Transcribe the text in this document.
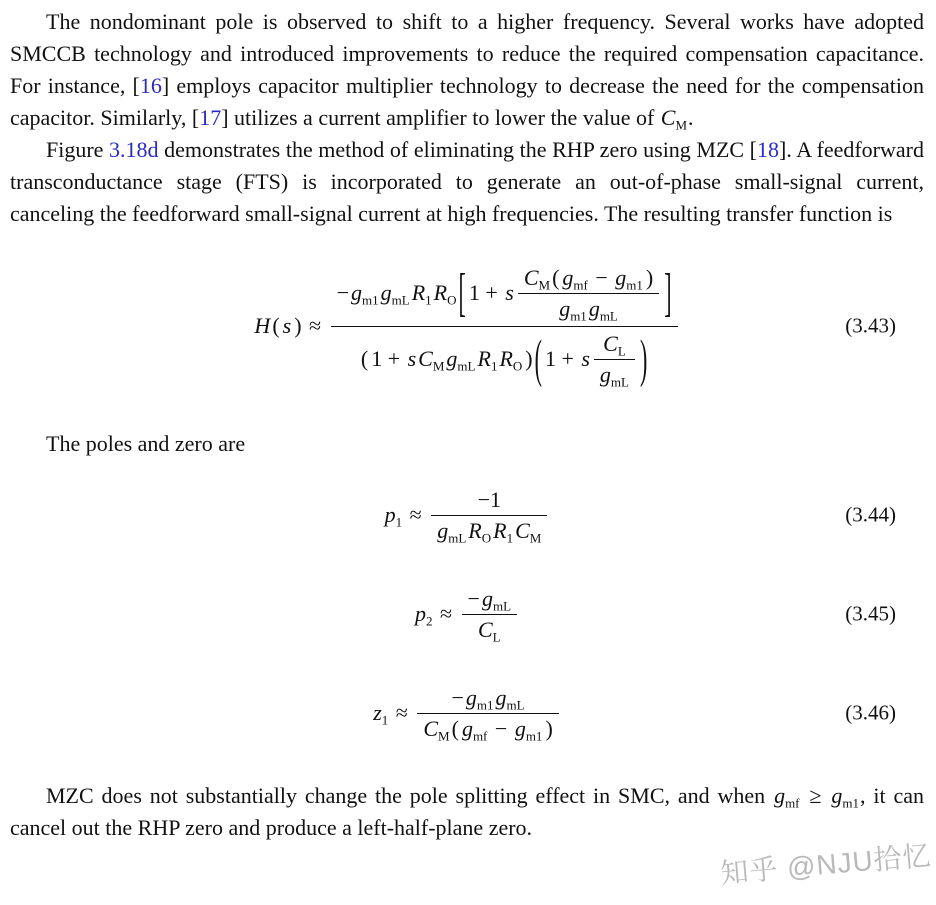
The nondominant pole is observed to shift to a higher frequency. Several works have adopted SMCCB technology and introduced improvements to reduce the required compensation capacitance. For instance, [16] employs capacitor multiplier technology to decrease the need for the compensation capacitor. Similarly, [17] utilizes a current amplifier to lower the value of $C_M$.

Figure 3.18d demonstrates the method of eliminating the RHP zero using MZC [18]. A feedforward transconductance stage (FTS) is incorporated to generate an out-of-phase small-signal current, canceling the feedforward small-signal current at high frequencies. The resulting transfer function is

H ( s ) ≈ $\frac{- g_{m1} g_{mL} R_1 R_O [ 1 + s \frac{C_M ( g_{mf} - g_{m1} )}{g_{m1} g_{mL}} ]}{( 1 + s C_M g_{mL} R_1 R_O ) ( 1 + s \frac{C_L}{g_{mL}} )}$	(3.43)

The poles and zero are

$p_1 \approx \frac{-1}{g_{mL} R_O R_1 C_M}$	(3.44)
$p_2 \approx \frac{- g_{mL}}{C_L}$	(3.45)
$z_1 \approx \frac{- g_{m1} g_{mL}}{C_M ( g_{mf} - g_{m1} )}$	(3.46)

MZC does not substantially change the pole splitting effect in SMC, and when $g_{mf} \ge g_{m1}$, it can cancel out the RHP zero and produce a left-half-plane zero.

知乎 @NJU拾忆
